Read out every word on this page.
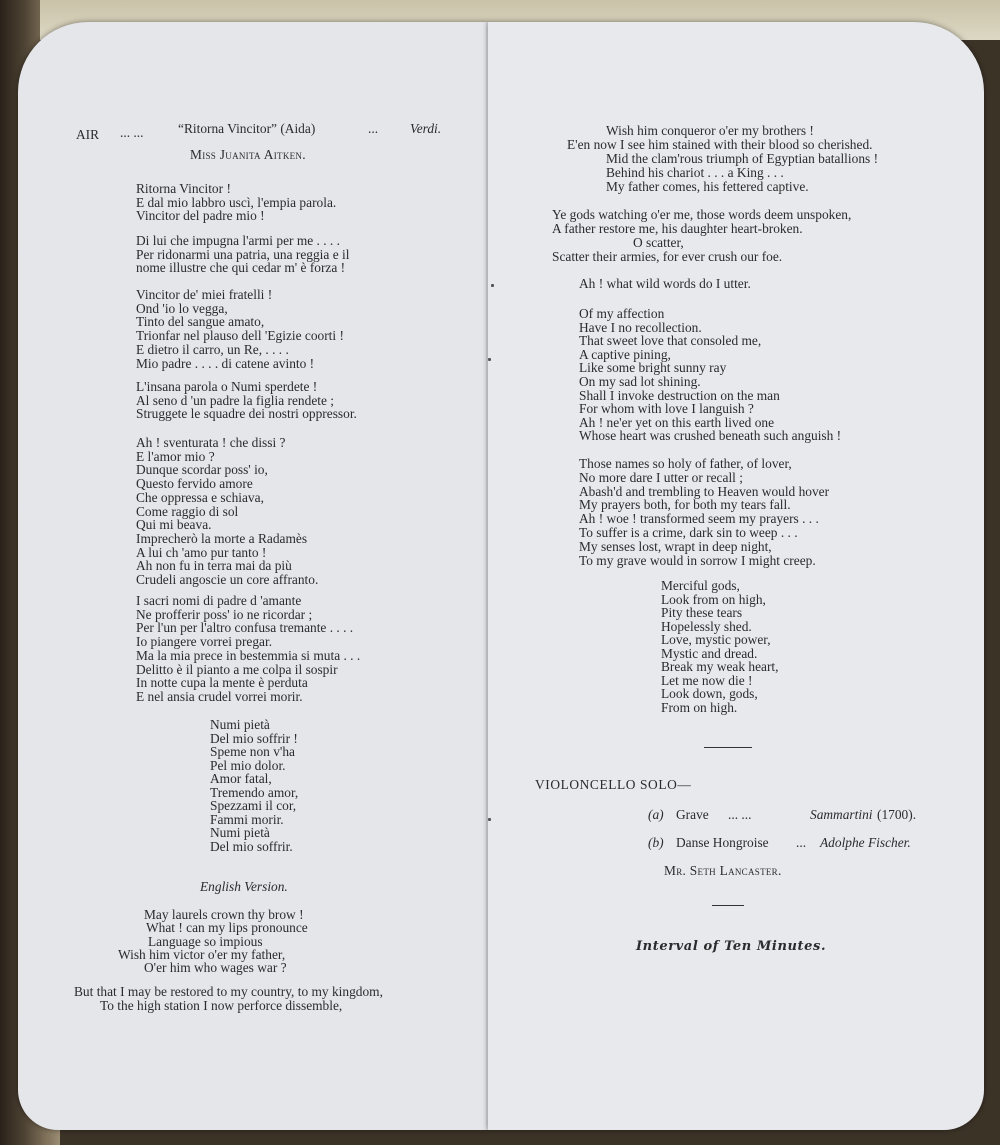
AIR ... ...	“Ritorna Vincitor” (Aida)	... Verdi.
Miss Juanita Aitken.
Ritorna Vincitor !
E dal mio labbro uscì, l'empia parola.
Vincitor del padre mio !
Di lui che impugna l'armi per me . . . .
Per ridonarmi una patria, una reggia e il
nome illustre che qui cedar m' è forza !
Vincitor de' miei fratelli !
Ond 'io lo vegga,
Tinto del sangue amato,
Trionfar nel plauso dell 'Egizie coorti !
E dietro il carro, un Re, . . . .
Mio padre . . . . di catene avinto !
L'insana parola o Numi sperdete !
Al seno d 'un padre la figlia rendete ;
Struggete le squadre dei nostri oppressor.
Ah ! sventurata ! che dissi ?
E l'amor mio ?
Dunque scordar poss' io,
Questo fervido amore
Che oppressa e schiava,
Come raggio di sol
Qui mi beava.
Imprecherò la morte a Radamès
A lui ch 'amo pur tanto !
Ah non fu in terra mai da più
Crudeli angoscie un core affranto.
I sacri nomi di padre d 'amante
Ne profferir poss' io ne ricordar ;
Per l'un per l'altro confusa tremante . . . .
Io piangere vorrei pregar.
Ma la mia prece in bestemmia si muta . . .
Delitto è il pianto a me colpa il sospir
In notte cupa la mente è perduta
E nel ansia crudel vorrei morir.
Numi pietà
Del mio soffrir !
Speme non v'ha
Pel mio dolor.
Amor fatal,
Tremendo amor,
Spezzami il cor,
Fammi morir.
Numi pietà
Del mio soffrir.
May laurels crown thy brow !
What ! can my lips pronounce
Language so impious
Wish him victor o'er my father,
O'er him who wages war ?
But that I may be restored to my country, to my kingdom,
To the high station I now perforce dissemble,
English Version.
Wish him conqueror o'er my brothers !
E'en now I see him stained with their blood so cherished.
Mid the clam'rous triumph of Egyptian batallions !
Behind his chariot . . . a King . . .
My father comes, his fettered captive.
Ye gods watching o'er me, those words deem unspoken,
A father restore me, his daughter heart-broken.
O scatter,
Scatter their armies, for ever crush our foe.
Ah ! what wild words do I utter.
Of my affection
Have I no recollection.
That sweet love that consoled me,
A captive pining,
Like some bright sunny ray
On my sad lot shining.
Shall I invoke destruction on the man
For whom with love I languish ?
Ah ! ne'er yet on this earth lived one
Whose heart was crushed beneath such anguish !
Those names so holy of father, of lover,
No more dare I utter or recall ;
Abash'd and trembling to Heaven would hover
My prayers both, for both my tears fall.
Ah ! woe ! transformed seem my prayers . . .
To suffer is a crime, dark sin to weep . . .
My senses lost, wrapt in deep night,
To my grave would in sorrow I might creep.
Merciful gods,
Look from on high,
Pity these tears
Hopelessly shed.
Love, mystic power,
Mystic and dread.
Break my weak heart,
Let me now die !
Look down, gods,
From on high.
VIOLONCELLO SOLO—
(a) Grave ... ...	Sammartini (1700).
(b) Danse Hongroise ... Adolphe Fischer.
Mr. Seth Lancaster.
Interval of Ten Minutes.
